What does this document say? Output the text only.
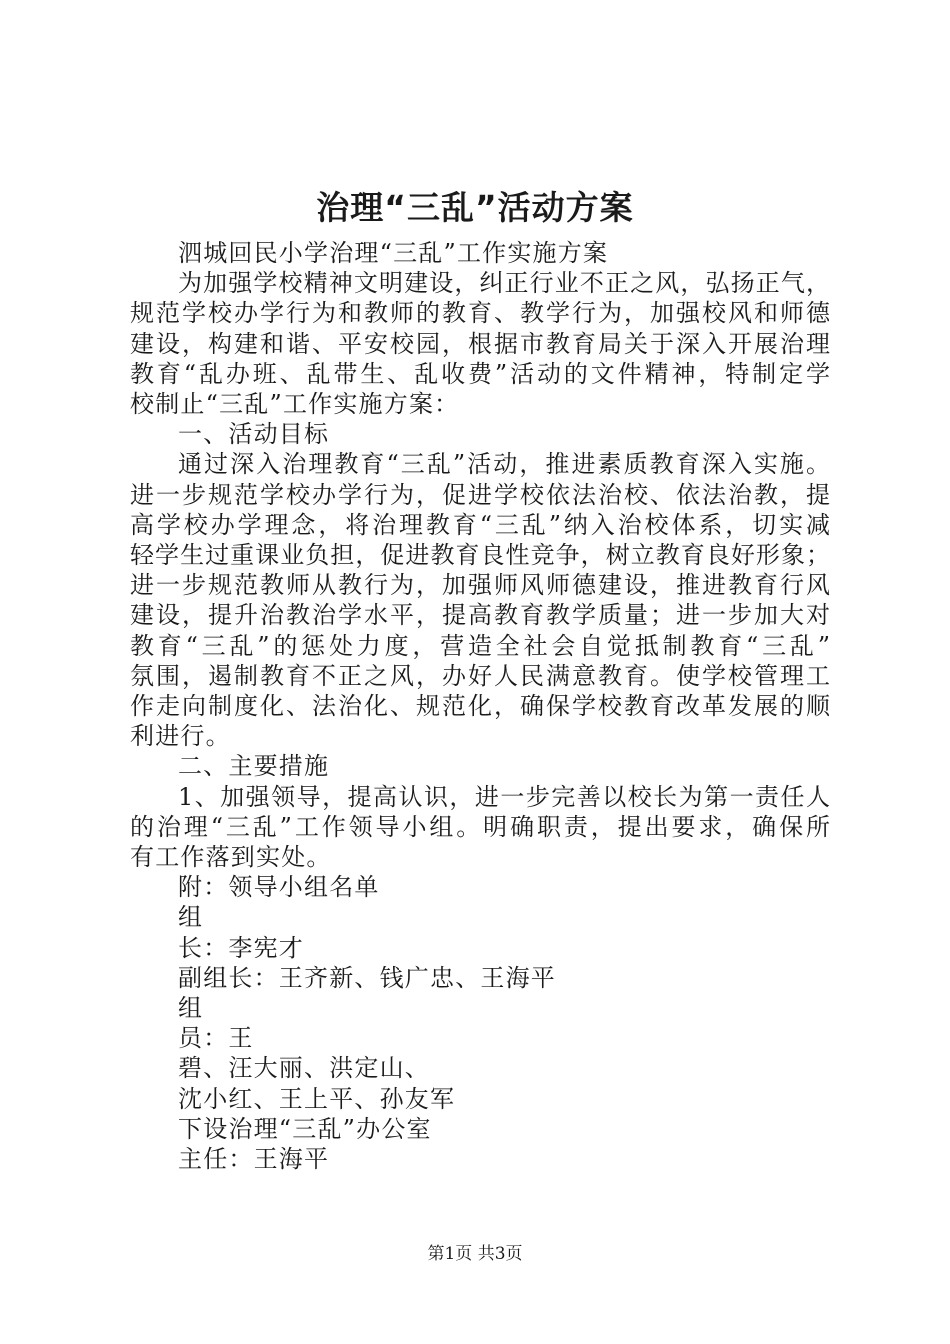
治理“三乱”活动方案
泗城回民小学治理“三乱”工作实施方案
为加强学校精神文明建设，纠正行业不正之风，弘扬正气，
规范学校办学行为和教师的教育、教学行为，加强校风和师德
建设，构建和谐、平安校园，根据市教育局关于深入开展治理
教育“乱办班、乱带生、乱收费”活动的文件精神，特制定学
校制止“三乱”工作实施方案：
一、活动目标
通过深入治理教育“三乱”活动，推进素质教育深入实施。
进一步规范学校办学行为，促进学校依法治校、依法治教，提
高学校办学理念，将治理教育“三乱”纳入治校体系，切实减
轻学生过重课业负担，促进教育良性竞争，树立教育良好形象；
进一步规范教师从教行为，加强师风师德建设，推进教育行风
建设，提升治教治学水平，提高教育教学质量；进一步加大对
教育“三乱”的惩处力度，营造全社会自觉抵制教育“三乱”
氛围，遏制教育不正之风，办好人民满意教育。使学校管理工
作走向制度化、法治化、规范化，确保学校教育改革发展的顺
利进行。
二、主要措施
1、加强领导，提高认识，进一步完善以校长为第一责任人
的治理“三乱”工作领导小组。明确职责，提出要求，确保所
有工作落到实处。
附：领导小组名单
组
长：李宪才
副组长：王齐新、钱广忠、王海平
组
员：王
碧、汪大丽、洪定山、
沈小红、王上平、孙友军
下设治理“三乱”办公室
主任：王海平
第1页 共3页
